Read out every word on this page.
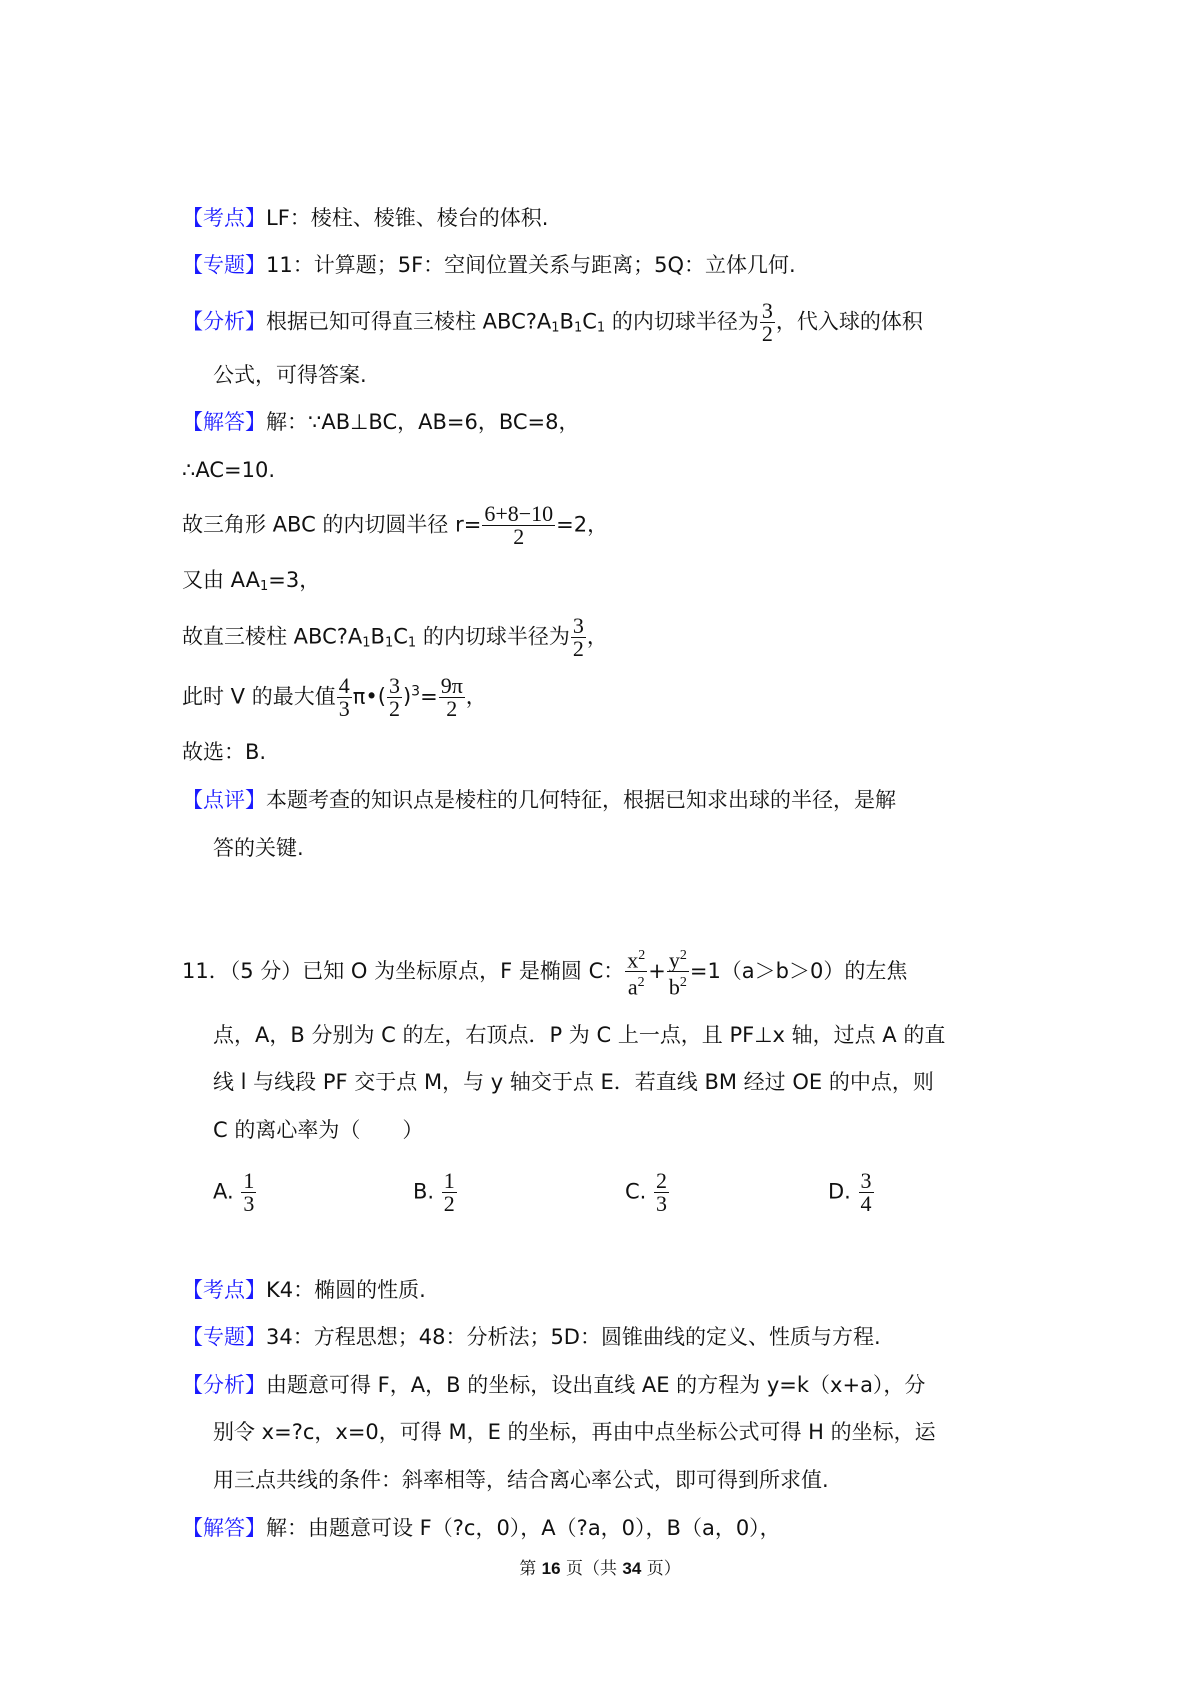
【考点】LF：棱柱、棱锥、棱台的体积.
【专题】11：计算题；5F：空间位置关系与距离；5Q：立体几何.
【分析】根据已知可得直三棱柱 $ABC?A_1B_1C_1$ 的内切球半径为 $\frac{3}{2}$ ，代入球的体积
公式，可得答案.
【解答】解：∵AB⊥BC，AB=6，BC=8，
∴AC=10.
故三角形 ABC 的内切圆半径 $r= \frac{6+8-10}{2} =2$，
又由 $AA_1=3$，
故直三棱柱 $ABC?A_1B_1C_1$ 的内切球半径为 $\frac{3}{2}$ ，
此时 V 的最大值 $\frac{4}{3}$ π•( $\frac{3}{2} )^3= \frac{9\pi}{2}$ ，
故选：B.
【点评】本题考查的知识点是棱柱的几何特征，根据已知求出球的半径，是解
答的关键.
11．（5 分）已知 O 为坐标原点，F 是椭圆 C： $\frac{x^2}{a^2} + \frac{y^2}{b^2} =1(a>b>0)$的左焦
点，A，B 分别为 C 的左，右顶点．P 为 C 上一点，且 PF⊥x 轴，过点 A 的直
线 l 与线段 PF 交于点 M，与 y 轴交于点 E．若直线 BM 经过 OE 的中点，则
C 的离心率为（　　）
A. $\frac{1}{3}$	B. $\frac{1}{2}$	C. $\frac{2}{3}$	D. $\frac{3}{4}$
【考点】K4：椭圆的性质.
【专题】34：方程思想；48：分析法；5D：圆锥曲线的定义、性质与方程.
【分析】由题意可得 F，A，B 的坐标，设出直线 AE 的方程为 y=k（x+a），分
别令 x=?c，x=0，可得 M，E 的坐标，再由中点坐标公式可得 H 的坐标，运
用三点共线的条件：斜率相等，结合离心率公式，即可得到所求值.
【解答】解：由题意可设 F（?c，0），A（?a，0），B（a，0），
第 16 页（共 34 页）
